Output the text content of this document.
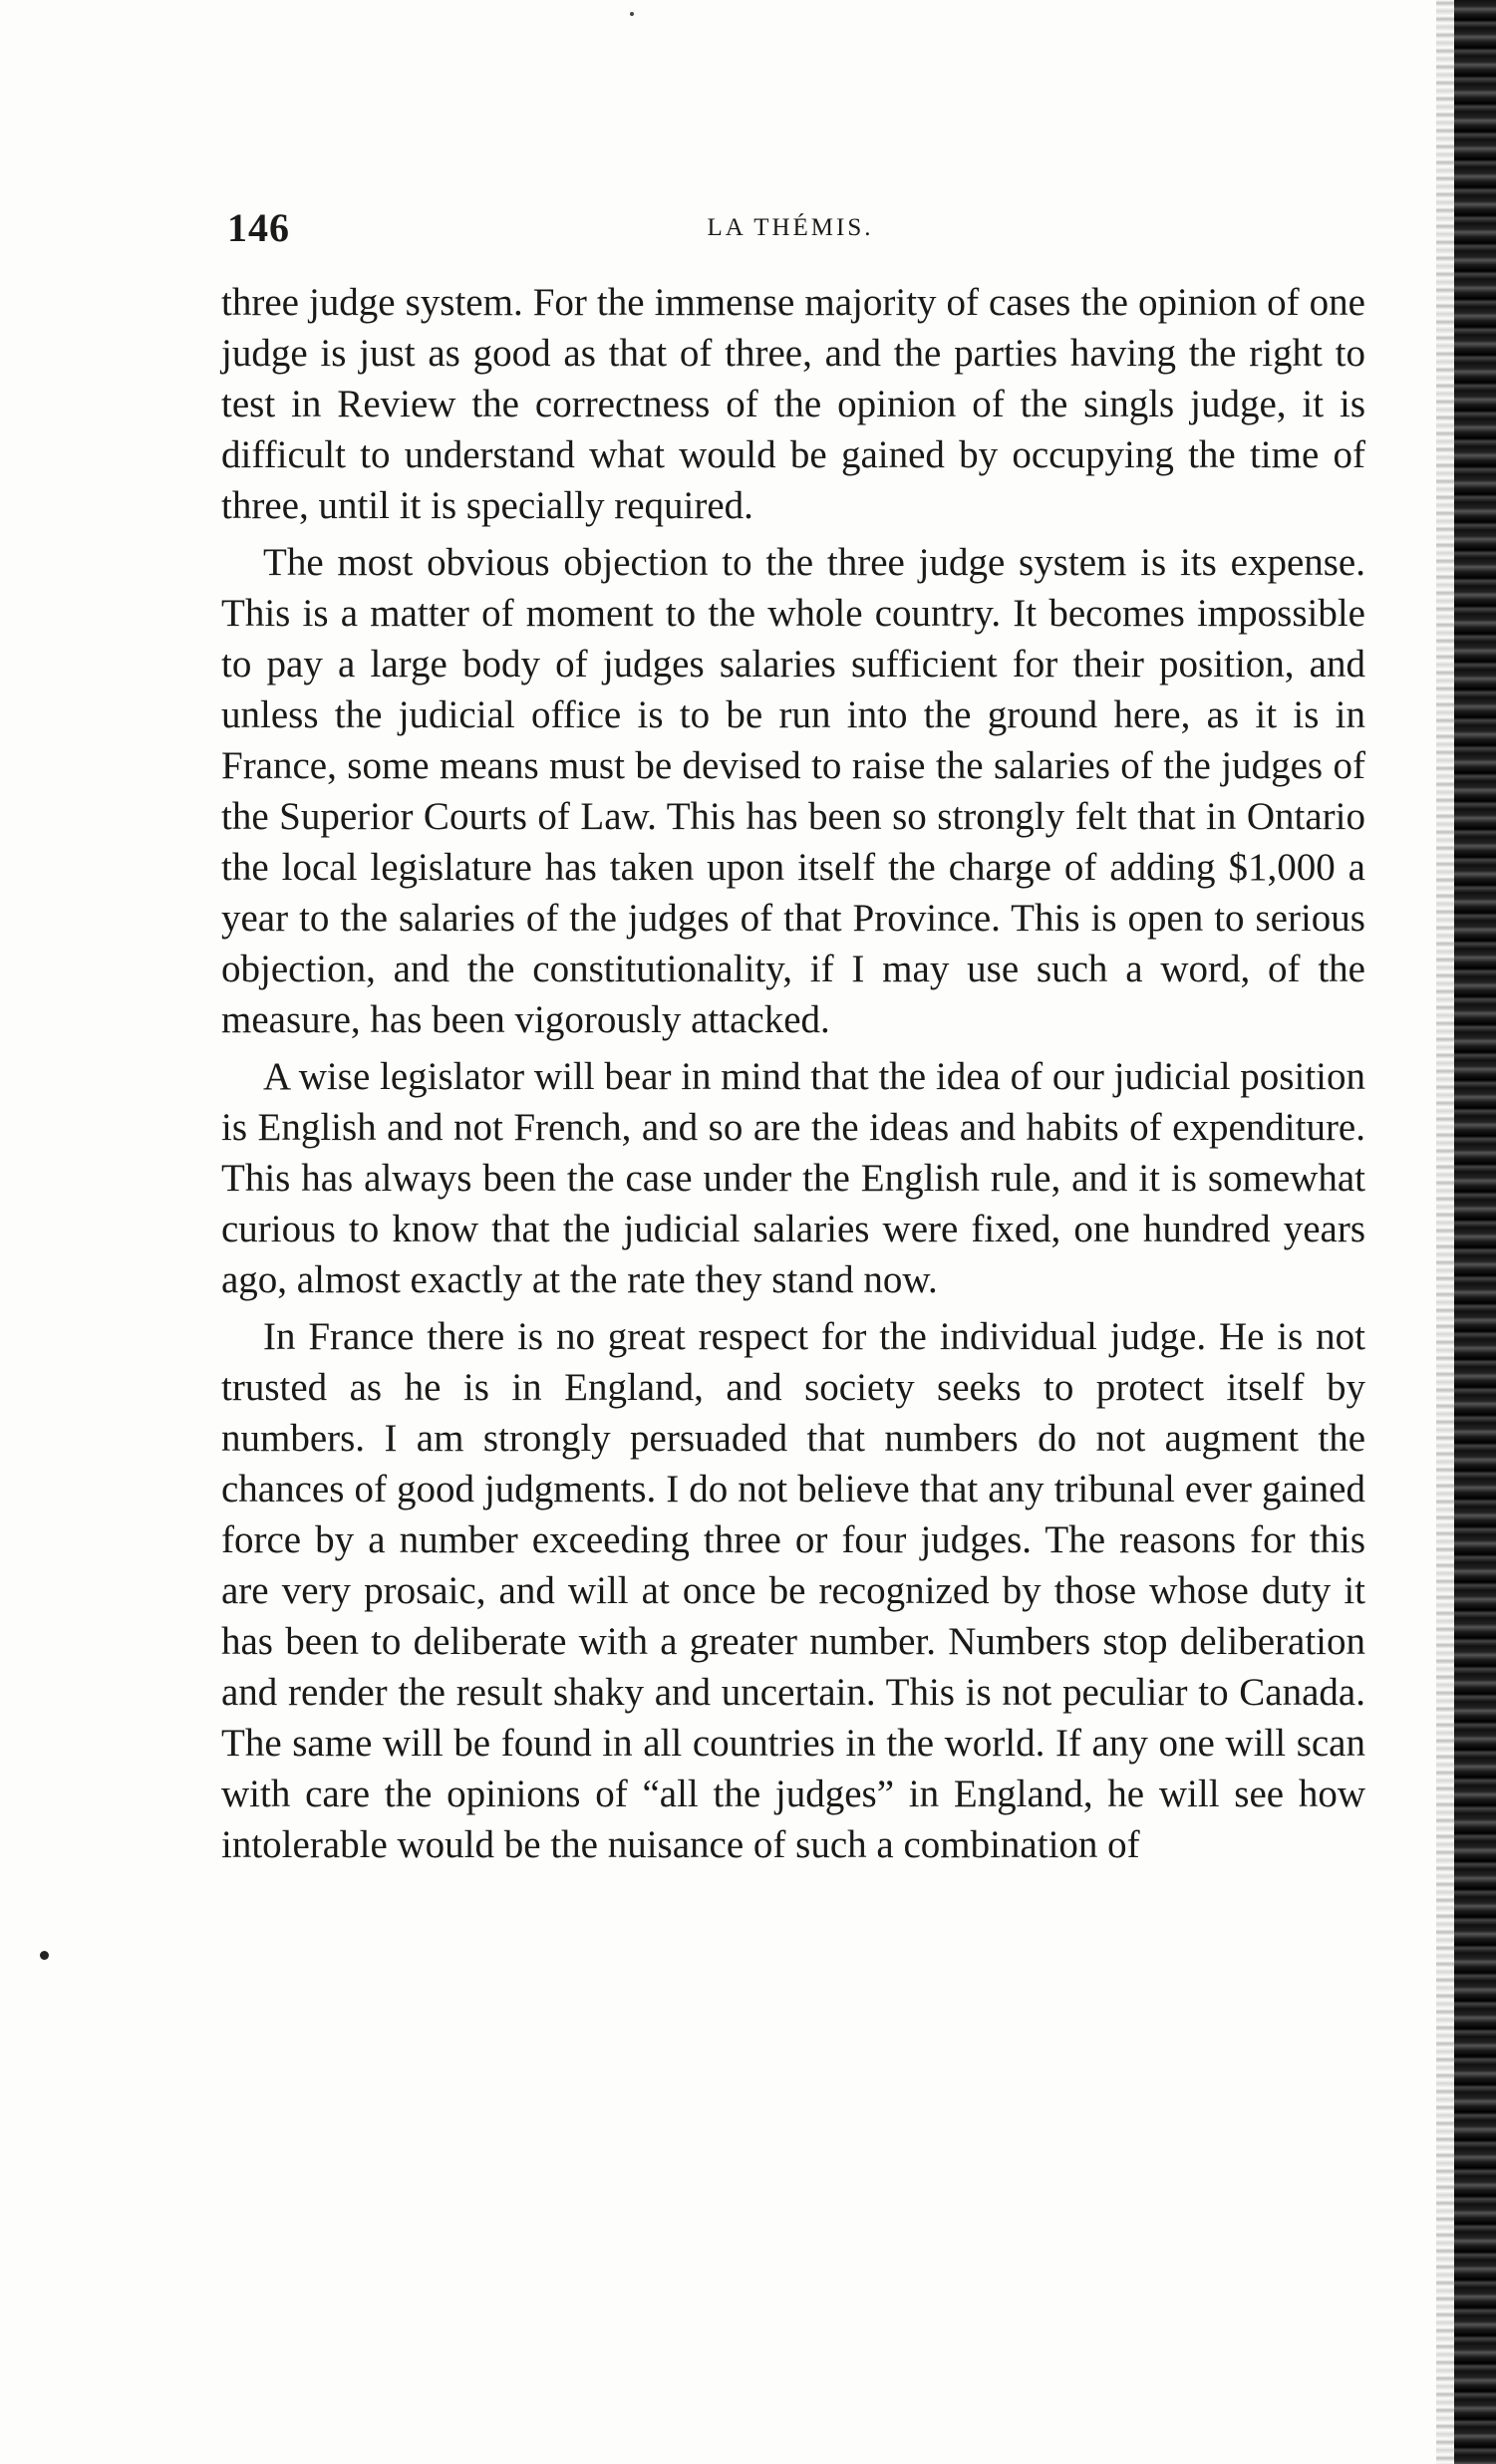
146	LA THÉMIS.

three judge system. For the immense majority of cases the opinion of one judge is just as good as that of three, and the parties having the right to test in Review the correctness of the opinion of the singls judge, it is difficult to understand what would be gained by occupying the time of three, until it is specially required.

The most obvious objection to the three judge system is its expense. This is a matter of moment to the whole country. It becomes impossible to pay a large body of judges salaries sufficient for their position, and unless the judicial office is to be run into the ground here, as it is in France, some means must be devised to raise the salaries of the judges of the Superior Courts of Law. This has been so strongly felt that in Ontario the local legislature has taken upon itself the charge of adding $1,000 a year to the salaries of the judges of that Province. This is open to serious objection, and the constitutionality, if I may use such a word, of the measure, has been vigorously attacked.

A wise legislator will bear in mind that the idea of our judicial position is English and not French, and so are the ideas and habits of expenditure. This has always been the case under the English rule, and it is somewhat curious to know that the judicial salaries were fixed, one hundred years ago, almost exactly at the rate they stand now.

In France there is no great respect for the individual judge. He is not trusted as he is in England, and society seeks to protect itself by numbers. I am strongly persuaded that numbers do not augment the chances of good judgments. I do not believe that any tribunal ever gained force by a number exceeding three or four judges. The reasons for this are very prosaic, and will at once be recognized by those whose duty it has been to deliberate with a greater number. Numbers stop deliberation and render the result shaky and uncertain. This is not peculiar to Canada. The same will be found in all countries in the world. If any one will scan with care the opinions of “all the judges” in England, he will see how intolerable would be the nuisance of such a combination of
